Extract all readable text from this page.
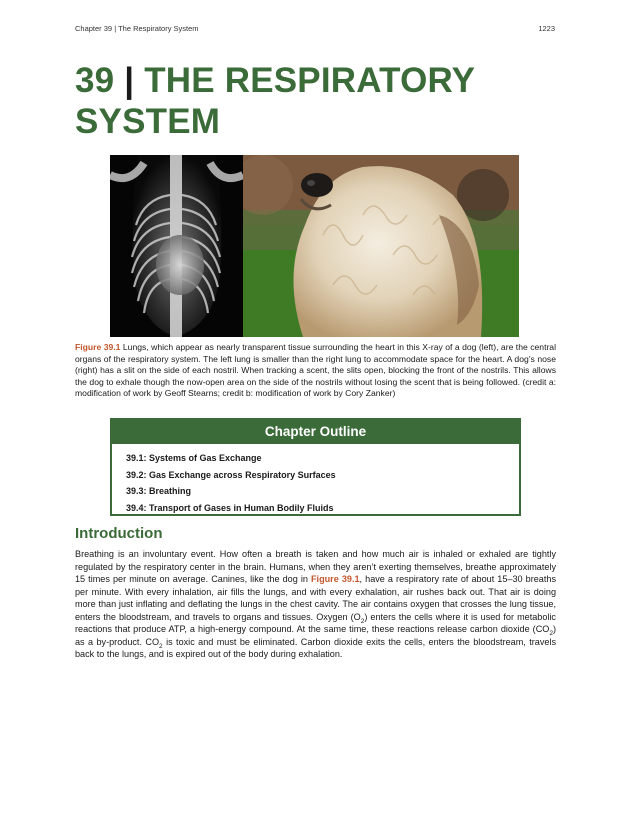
Chapter 39 | The Respiratory System	1223
39 | THE RESPIRATORY SYSTEM

Figure 39.1 Lungs, which appear as nearly transparent tissue surrounding the heart in this X-ray of a dog (left), are the central organs of the respiratory system. The left lung is smaller than the right lung to accommodate space for the heart. A dog’s nose (right) has a slit on the side of each nostril. When tracking a scent, the slits open, blocking the front of the nostrils. This allows the dog to exhale though the now-open area on the side of the nostrils without losing the scent that is being followed. (credit a: modification of work by Geoff Stearns; credit b: modification of work by Cory Zanker)

Chapter Outline
39.1: Systems of Gas Exchange
39.2: Gas Exchange across Respiratory Surfaces
39.3: Breathing
39.4: Transport of Gases in Human Bodily Fluids
Introduction

Breathing is an involuntary event. How often a breath is taken and how much air is inhaled or exhaled are tightly regulated by the respiratory center in the brain. Humans, when they aren’t exerting themselves, breathe approximately 15 times per minute on average. Canines, like the dog in Figure 39.1, have a respiratory rate of about 15–30 breaths per minute. With every inhalation, air fills the lungs, and with every exhalation, air rushes back out. That air is doing more than just inflating and deflating the lungs in the chest cavity. The air contains oxygen that crosses the lung tissue, enters the bloodstream, and travels to organs and tissues. Oxygen $(O_2)$ enters the cells where it is used for metabolic reactions that produce ATP, a high-energy compound. At the same time, these reactions release carbon dioxide $(CO_2)$ as a by-product. $CO_2$ is toxic and must be eliminated. Carbon dioxide exits the cells, enters the bloodstream, travels back to the lungs, and is expired out of the body during exhalation.
